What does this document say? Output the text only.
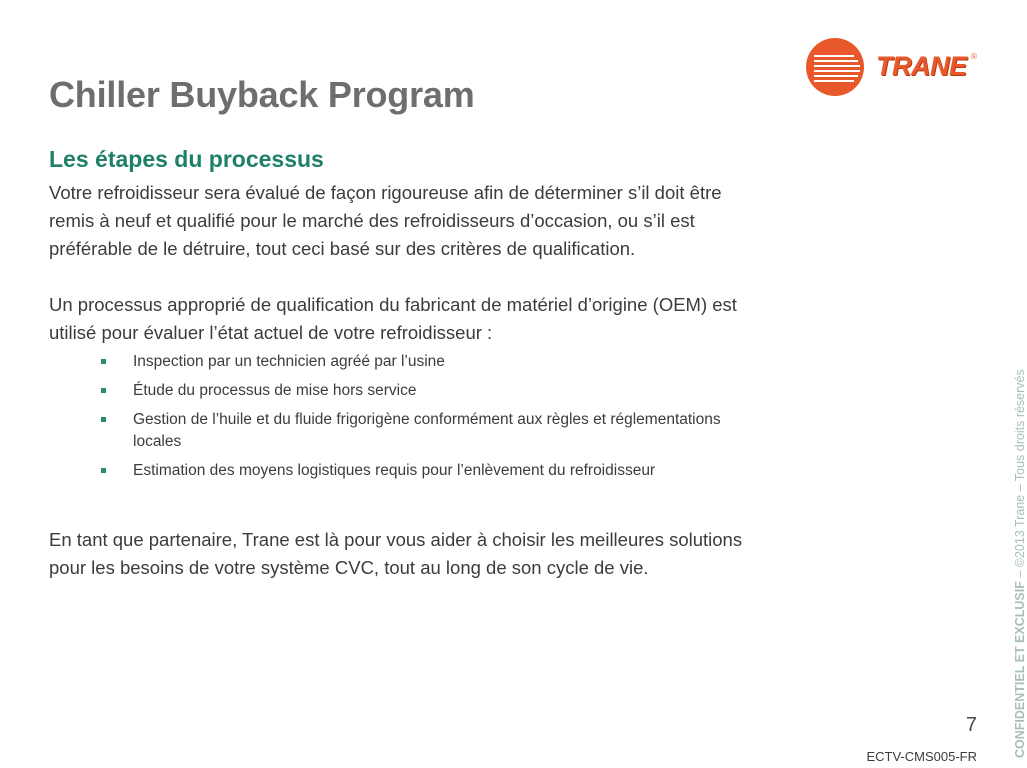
Chiller Buyback Program
TRANE ®
Les étapes du processus

Votre refroidisseur sera évalué de façon rigoureuse afin de déterminer s’il doit être remis à neuf et qualifié pour le marché des refroidisseurs d’occasion, ou s’il est préférable de le détruire, tout ceci basé sur des critères de qualification.

Un processus approprié de qualification du fabricant de matériel d’origine (OEM) est utilisé pour évaluer l’état actuel de votre refroidisseur :

Inspection par un technicien agréé par l’usine
Étude du processus de mise hors service
Gestion de l’huile et du fluide frigorigène conformément aux règles et réglementations locales
Estimation des moyens logistiques requis pour l’enlèvement du refroidisseur

En tant que partenaire, Trane est là pour vous aider à choisir les meilleures solutions pour les besoins de votre système CVC, tout au long de son cycle de vie.

CONFIDENTIEL ET EXCLUSIF – ©2013 Trane – Tous droits réservés
7
ECTV-CMS005-FR
